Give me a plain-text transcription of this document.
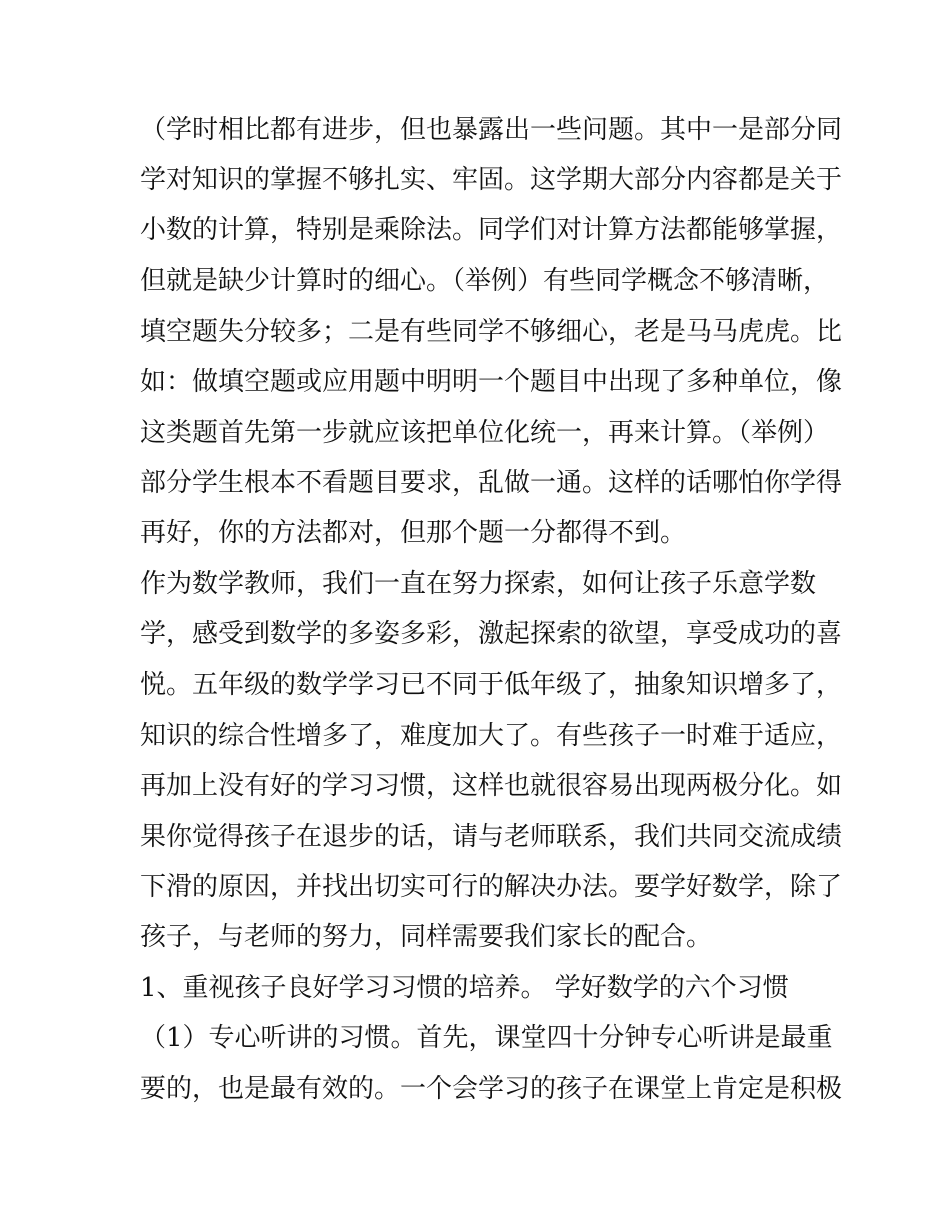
（学时相比都有进步，但也暴露出一些问题。其中一是部分同
学对知识的掌握不够扎实、牢固。这学期大部分内容都是关于
小数的计算，特别是乘除法。同学们对计算方法都能够掌握，
但就是缺少计算时的细心。（举例）有些同学概念不够清晰，
填空题失分较多；二是有些同学不够细心，老是马马虎虎。比
如：做填空题或应用题中明明一个题目中出现了多种单位，像
这类题首先第一步就应该把单位化统一，再来计算。（举例）
部分学生根本不看题目要求，乱做一通。这样的话哪怕你学得
再好，你的方法都对，但那个题一分都得不到。
作为数学教师，我们一直在努力探索，如何让孩子乐意学数
学，感受到数学的多姿多彩，激起探索的欲望，享受成功的喜
悦。五年级的数学学习已不同于低年级了，抽象知识增多了，
知识的综合性增多了，难度加大了。有些孩子一时难于适应，
再加上没有好的学习习惯，这样也就很容易出现两极分化。如
果你觉得孩子在退步的话，请与老师联系，我们共同交流成绩
下滑的原因，并找出切实可行的解决办法。要学好数学，除了
孩子，与老师的努力，同样需要我们家长的配合。
1、重视孩子良好学习习惯的培养。 学好数学的六个习惯
（1）专心听讲的习惯。首先，课堂四十分钟专心听讲是最重
要的，也是最有效的。一个会学习的孩子在课堂上肯定是积极
